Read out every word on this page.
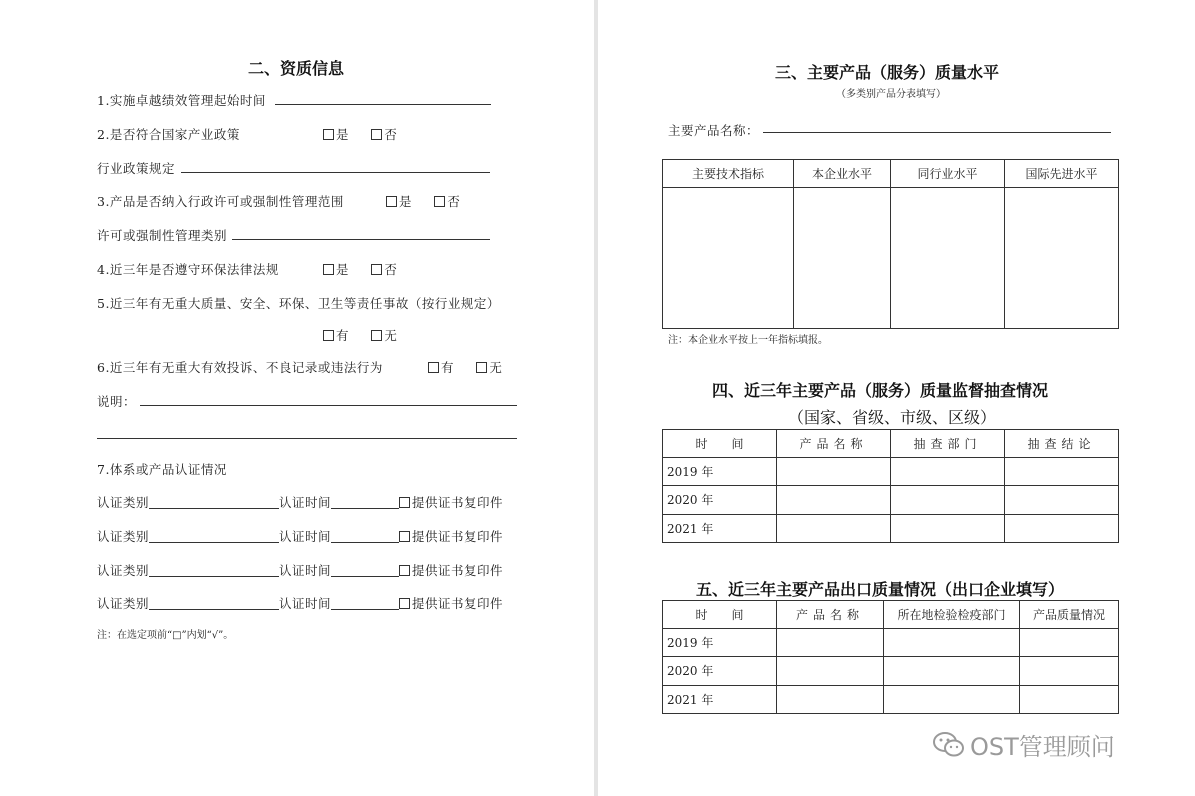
二、资质信息
1.实施卓越绩效管理起始时间
2.是否符合国家产业政策	是	否
行业政策规定
3.产品是否纳入行政许可或强制性管理范围	是	否
许可或强制性管理类别
4.近三年是否遵守环保法律法规	是	否
5.近三年有无重大质量、安全、环保、卫生等责任事故（按行业规定）
有	无
6.近三年有无重大有效投诉、不良记录或违法行为	有	无
说明：
7.体系或产品认证情况
认证类别	认证时间	提供证书复印件
认证类别	认证时间	提供证书复印件
认证类别	认证时间	提供证书复印件
认证类别	认证时间	提供证书复印件
注：在选定项前“□”内划“√”。
三、主要产品（服务）质量水平
（多类别产品分表填写）
主要产品名称：
主要技术指标	本企业水平	同行业水平	国际先进水平

注：本企业水平按上一年指标填报。
四、近三年主要产品（服务）质量监督抽查情况
（国家、省级、市级、区级）
时　　间	产品名称	抽查部门	抽查结论
2019 年			
2020 年			
2021 年			
五、近三年主要产品出口质量情况（出口企业填写）
时　　间	产品名称	所在地检验检疫部门	产品质量情况
2019 年			
2020 年			
2021 年			
OST管理顾问
